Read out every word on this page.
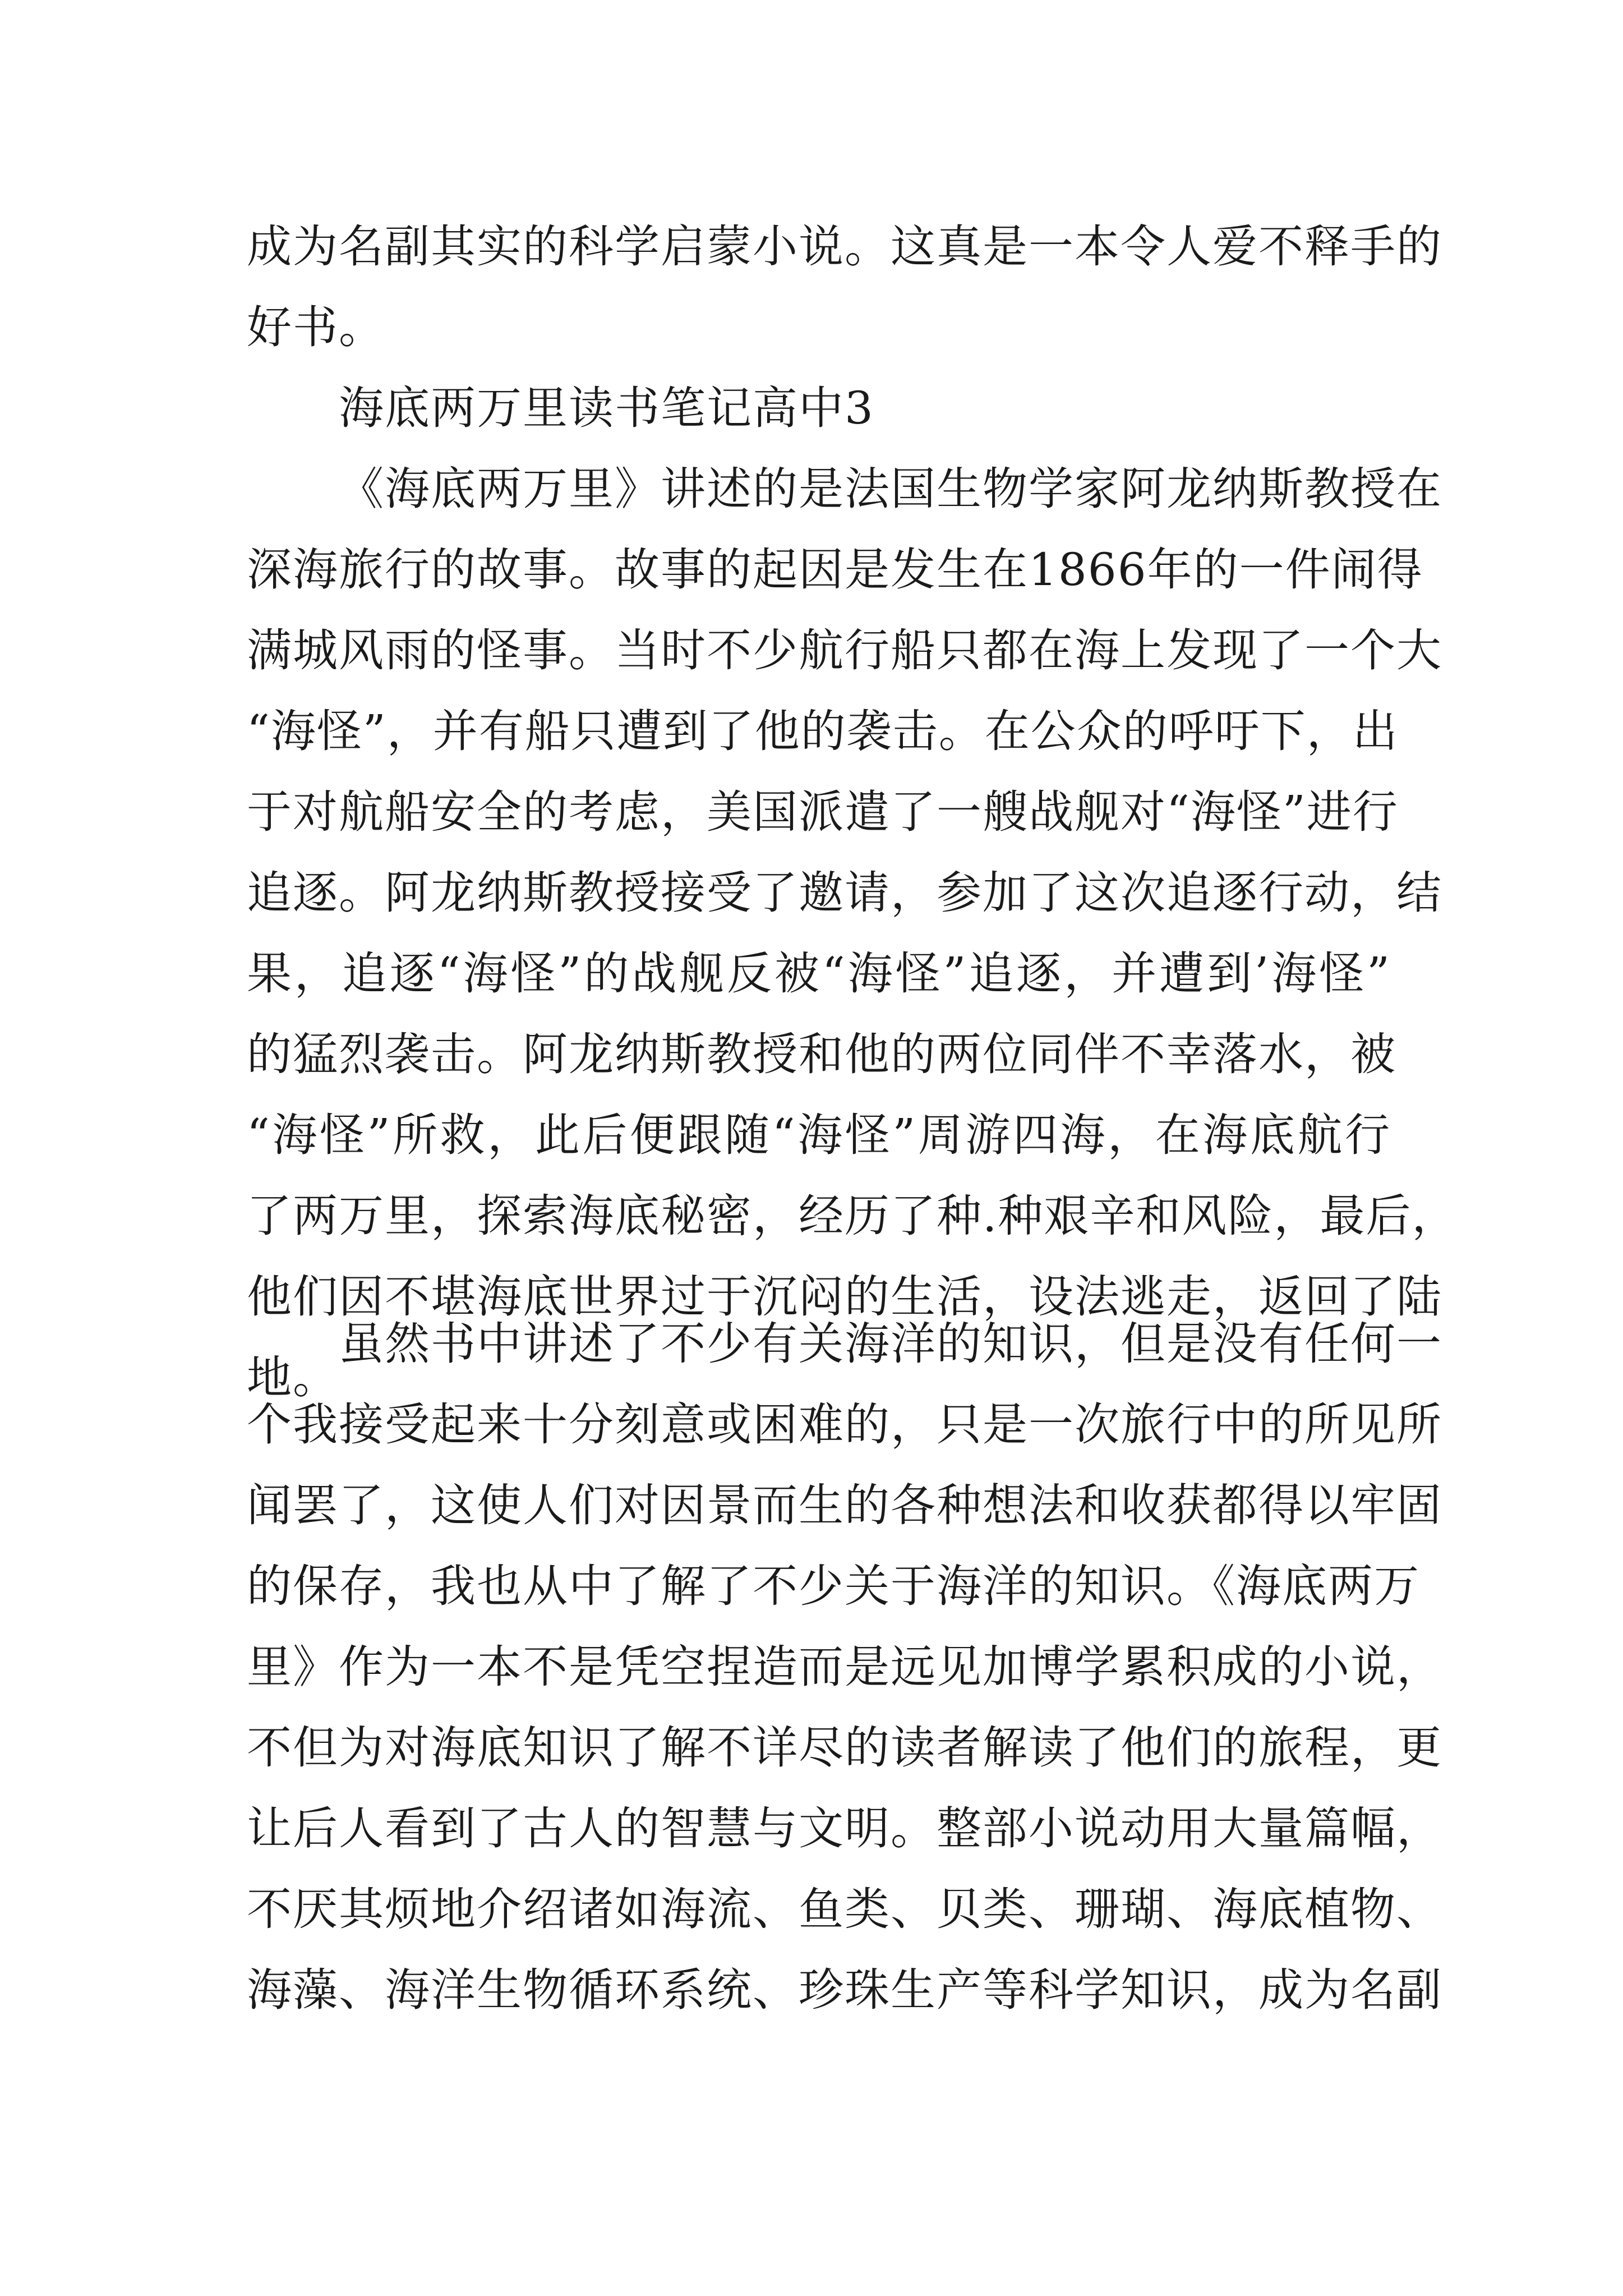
成为名副其实的科学启蒙小说。这真是一本令人爱不释手的
好书。
海底两万里读书笔记高中3
《海底两万里》讲述的是法国生物学家阿龙纳斯教授在
深海旅行的故事。故事的起因是发生在1866年的一件闹得
满城风雨的怪事。当时不少航行船只都在海上发现了一个大
“海怪”，并有船只遭到了他的袭击。在公众的呼吁下，出
于对航船安全的考虑，美国派遣了一艘战舰对“海怪”进行
追逐。阿龙纳斯教授接受了邀请，参加了这次追逐行动，结
果，追逐“海怪”的战舰反被“海怪”追逐，并遭到’海怪”
的猛烈袭击。阿龙纳斯教授和他的两位同伴不幸落水，被
“海怪”所救，此后便跟随“海怪”周游四海，在海底航行
了两万里，探索海底秘密，经历了种.种艰辛和风险，最后，
他们因不堪海底世界过于沉闷的生活，设法逃走，返回了陆
地。
虽然书中讲述了不少有关海洋的知识，但是没有任何一
个我接受起来十分刻意或困难的，只是一次旅行中的所见所
闻罢了，这使人们对因景而生的各种想法和收获都得以牢固
的保存，我也从中了解了不少关于海洋的知识。《海底两万
里》作为一本不是凭空捏造而是远见加博学累积成的小说，
不但为对海底知识了解不详尽的读者解读了他们的旅程，更
让后人看到了古人的智慧与文明。整部小说动用大量篇幅，
不厌其烦地介绍诸如海流、鱼类、贝类、珊瑚、海底植物、
海藻、海洋生物循环系统、珍珠生产等科学知识，成为名副
